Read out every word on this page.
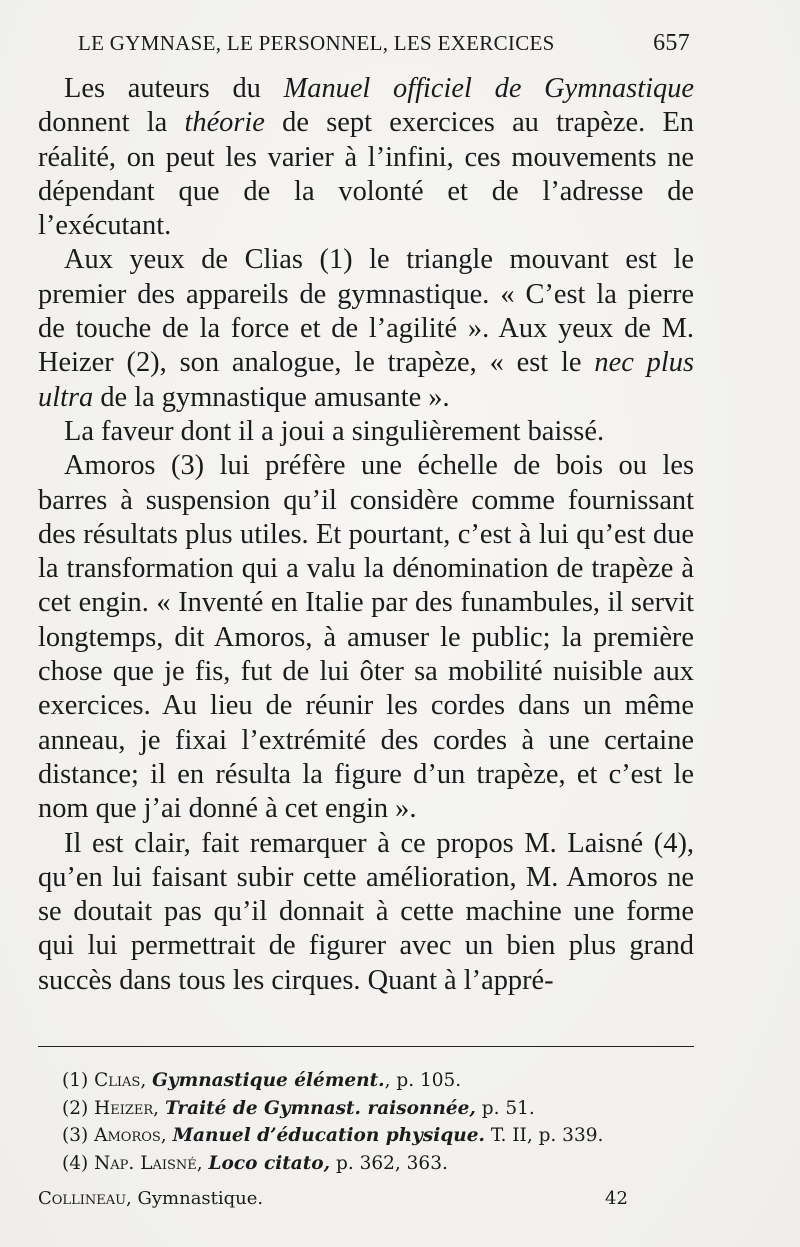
LE GYMNASE, LE PERSONNEL, LES EXERCICES	657

Les auteurs du Manuel officiel de Gymnastique donnent la théorie de sept exercices au trapèze. En réalité, on peut les varier à l’infini, ces mouvements ne dépendant que de la volonté et de l’adresse de l’exécutant.

Aux yeux de Clias (1) le triangle mouvant est le premier des appareils de gymnastique. « C’est la pierre de touche de la force et de l’agilité ». Aux yeux de M. Heizer (2), son analogue, le trapèze, « est le nec plus ultra de la gymnastique amusante ».

La faveur dont il a joui a singulièrement baissé.

Amoros (3) lui préfère une échelle de bois ou les barres à suspension qu’il considère comme fournissant des résultats plus utiles. Et pourtant, c’est à lui qu’est due la transformation qui a valu la dénomination de trapèze à cet engin. « Inventé en Italie par des funambules, il servit longtemps, dit Amoros, à amuser le public; la première chose que je fis, fut de lui ôter sa mobilité nuisible aux exercices. Au lieu de réunir les cordes dans un même anneau, je fixai l’extrémité des cordes à une certaine distance; il en résulta la figure d’un trapèze, et c’est le nom que j’ai donné à cet engin ».

Il est clair, fait remarquer à ce propos M. Laisné (4), qu’en lui faisant subir cette amélioration, M. Amoros ne se doutait pas qu’il donnait à cette machine une forme qui lui permettrait de figurer avec un bien plus grand succès dans tous les cirques. Quant à l’appré-

(1) Clias, Gymnastique élément., p. 105.
(2) Heizer, Traité de Gymnast. raisonnée, p. 51.
(3) Amoros, Manuel d’éducation physique. T. II, p. 339.
(4) Nap. Laisné, Loco citato, p. 362, 363.
Collineau, Gymnastique.	42
